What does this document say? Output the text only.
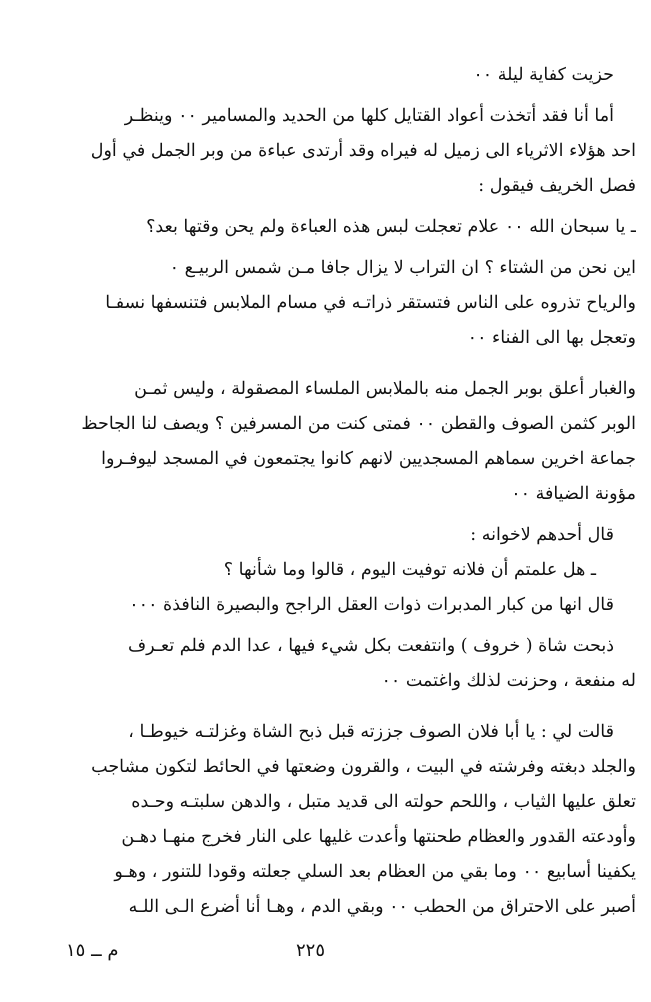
حزيت كفاية ليلة ٠٠

أما أنا فقد أتخذت أعواد القتايل كلها من الحديد والمسامير ٠٠ وينظـر
احد هؤلاء الاثرياء الى زميل له فيراه وقد أرتدى عباءة من وبر الجمل في أول
فصل الخريف فيقول :

ـ يا سبحان الله ٠٠ علام تعجلت لبس هذه العباءة ولم يحن وقتها بعد؟

اين نحن من الشتاء ؟ ان التراب لا يزال جافا مـن شمس الربيـع ٠
والرياح تذروه على الناس فتستقر ذراتـه في مسام الملابس فتنسفها نسفـا
وتعجل بها الى الفناء ٠٠

والغبار أعلق بوبر الجمل منه بالملابس الملساء المصقولة ، وليس ثمـن
الوبر كثمن الصوف والقطن ٠٠ فمتى كنت من المسرفين ؟ ويصف لنا الجاحظ
جماعة اخرين سماهم المسجديين لانهم كانوا يجتمعون في المسجد ليوفـروا
مؤونة الضيافة ٠٠

قال أحدهم لاخوانه :

ـ هل علمتم أن فلانه توفيت اليوم ، قالوا وما شأنها ؟

قال انها من كبار المدبرات ذوات العقل الراجح والبصيرة النافذة ٠٠٠

ذبحت شاة ( خروف ) وانتفعت بكل شيء فيها ، عدا الدم فلم تعـرف
له منفعة ، وحزنت لذلك واغتمت ٠٠

قالت لي : يا أبا فلان الصوف جززته قبل ذبح الشاة وغزلتـه خيوطـا ،
والجلد دبغته وفرشته في البيت ، والقرون وضعتها في الحائط لتكون مشاجب
تعلق عليها الثياب ، واللحم حولته الى قديد متبل ، والدهن سلبتـه وحـده
وأودعته القدور والعظام طحنتها وأعدت غليها على النار فخرج منهـا دهـن
يكفينا أسابيع ٠٠ وما بقي من العظام بعد السلي جعلته وقودا للتنور ، وهـو
أصبر على الاحتراق من الحطب ٠٠ وبقي الدم ، وهـا أنا أضرع الـى اللـه

م ــ ١٥	٢٢٥
